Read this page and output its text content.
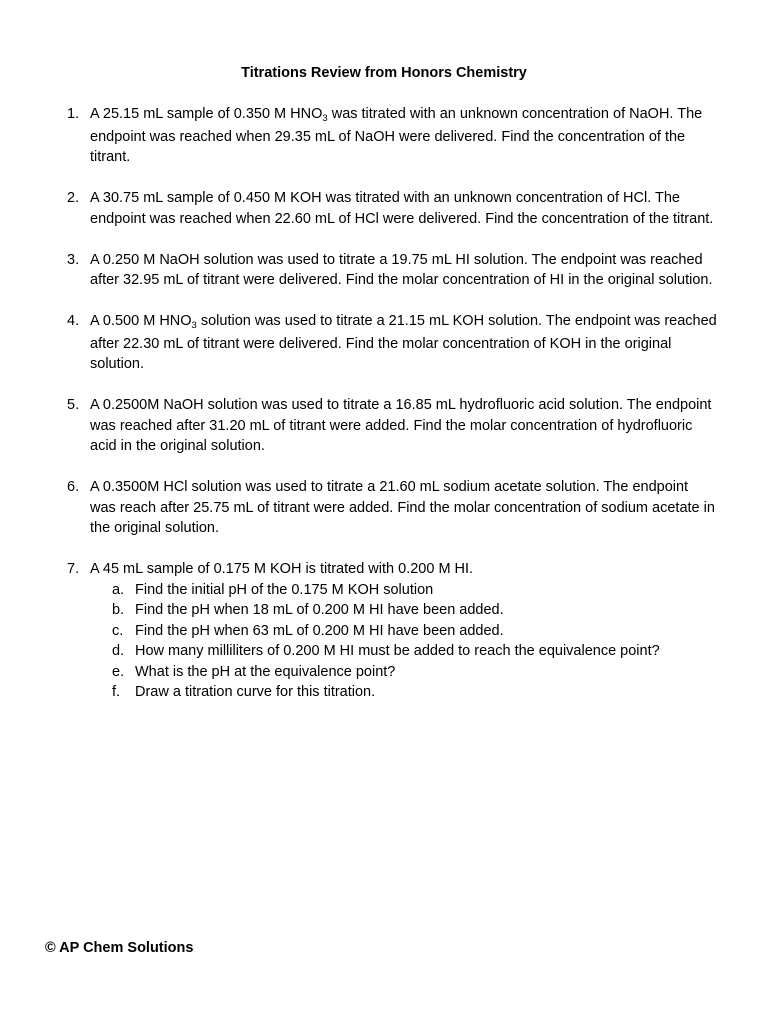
Titrations Review from Honors Chemistry
1. A 25.15 mL sample of 0.350 M $HNO_3$ was titrated with an unknown concentration of NaOH. The endpoint was reached when 29.35 mL of NaOH were delivered. Find the concentration of the titrant.
2. A 30.75 mL sample of 0.450 M KOH was titrated with an unknown concentration of HCl. The endpoint was reached when 22.60 mL of HCl were delivered. Find the concentration of the titrant.
3. A 0.250 M NaOH solution was used to titrate a 19.75 mL HI solution. The endpoint was reached after 32.95 mL of titrant were delivered. Find the molar concentration of HI in the original solution.
4. A 0.500 M $HNO_3$ solution was used to titrate a 21.15 mL KOH solution. The endpoint was reached after 22.30 mL of titrant were delivered. Find the molar concentration of KOH in the original solution.
5. A 0.2500M NaOH solution was used to titrate a 16.85 mL hydrofluoric acid solution. The endpoint was reached after 31.20 mL of titrant were added. Find the molar concentration of hydrofluoric acid in the original solution.
6. A 0.3500M HCl solution was used to titrate a 21.60 mL sodium acetate solution. The endpoint was reach after 25.75 mL of titrant were added. Find the molar concentration of sodium acetate in the original solution.
7. A 45 mL sample of 0.175 M KOH is titrated with 0.200 M HI.
a. Find the initial pH of the 0.175 M KOH solution
b. Find the pH when 18 mL of 0.200 M HI have been added.
c. Find the pH when 63 mL of 0.200 M HI have been added.
d. How many milliliters of 0.200 M HI must be added to reach the equivalence point?
e. What is the pH at the equivalence point?
f. Draw a titration curve for this titration.
© AP Chem Solutions
